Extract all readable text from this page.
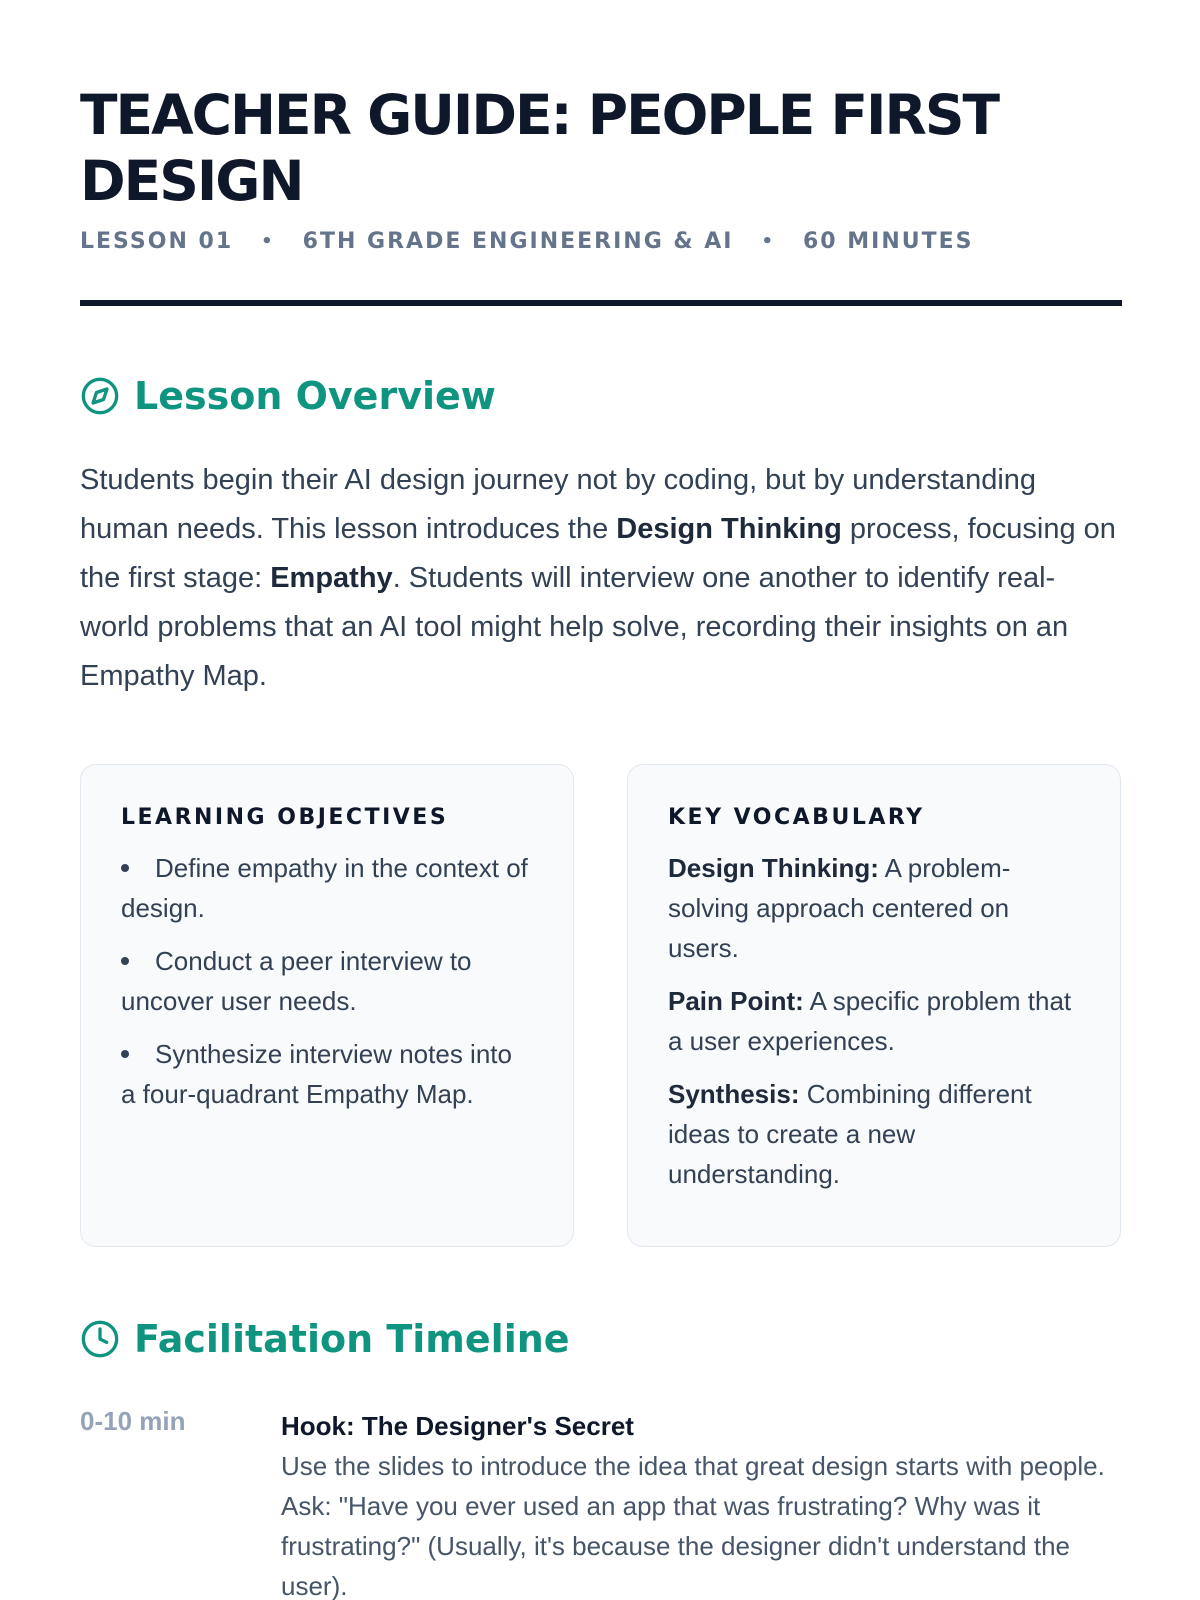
TEACHER GUIDE: PEOPLE FIRST DESIGN
LESSON 01 • 6TH GRADE ENGINEERING & AI • 60 MINUTES
Lesson Overview

Students begin their AI design journey not by coding, but by understanding human needs. This lesson introduces the Design Thinking process, focusing on the first stage: Empathy. Students will interview one another to identify real-world problems that an AI tool might help solve, recording their insights on an Empathy Map.

LEARNING OBJECTIVES
Define empathy in the context of design.
Conduct a peer interview to uncover user needs.
Synthesize interview notes into a four-quadrant Empathy Map.
KEY VOCABULARY
Design Thinking: A problem-solving approach centered on users.
Pain Point: A specific problem that a user experiences.
Synthesis: Combining different ideas to create a new understanding.
Facilitation Timeline
0-10 min	Hook: The Designer's Secret

Use the slides to introduce the idea that great design starts with people. Ask: "Have you ever used an app that was frustrating? Why was it frustrating?" (Usually, it's because the designer didn't understand the user).
